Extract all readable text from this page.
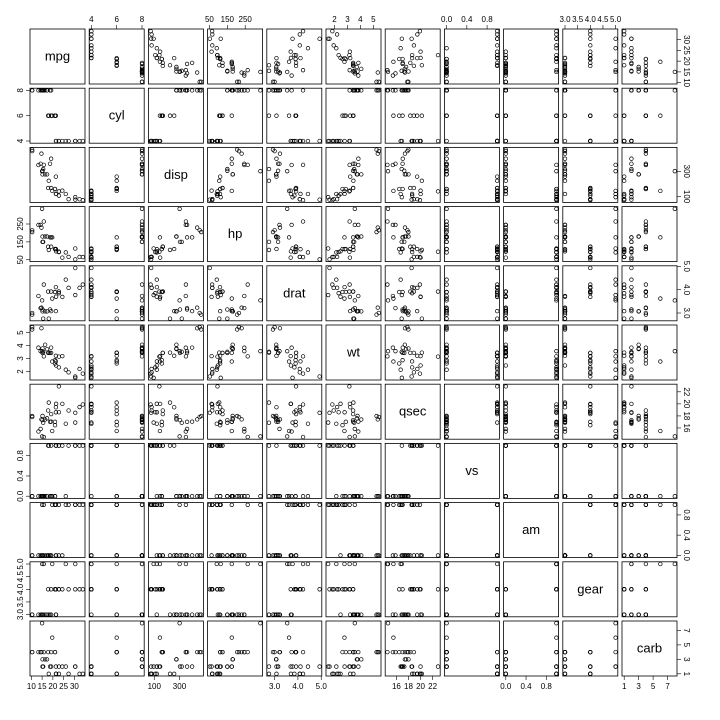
mpg
cyl
disp
hp
drat
wt
qsec
vs
am
gear
carb
4	6	8	50 150 250	2 3 4 5	0.0 0.4 0.8	3.0 3.5 4.0 4.5 5.0
10 15 20 25 30	100 300	3.0 4.0 5.0	16 18 20 22	0.0 0.4 0.8	1 3 5 7
4
6
8
50
150
250
2
3
4
5
0.0
0.4
0.8
3.0
3.5
4.0
4.5
5.0
10
15
20
25
30
100
300
3.0
4.0
5.0
16
18
20
22
0.0
0.4
0.8
1
3
5
7
